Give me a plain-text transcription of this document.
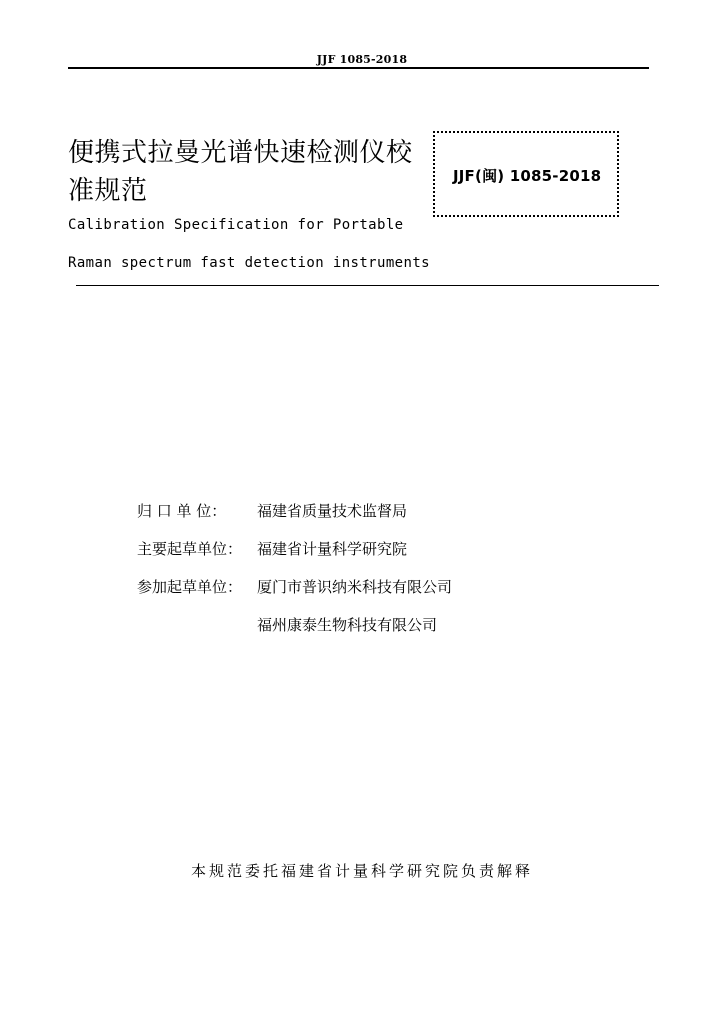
JJF 1085-2018
便携式拉曼光谱快速检测仪校
准规范	JJF(闽) 1085-2018
Calibration Specification for Portable
Raman spectrum fast detection instruments
归 口 单 位：	福建省质量技术监督局
主要起草单位： 福建省计量科学研究院
参加起草单位： 厦门市普识纳米科技有限公司
福州康泰生物科技有限公司
本规范委托福建省计量科学研究院负责解释
